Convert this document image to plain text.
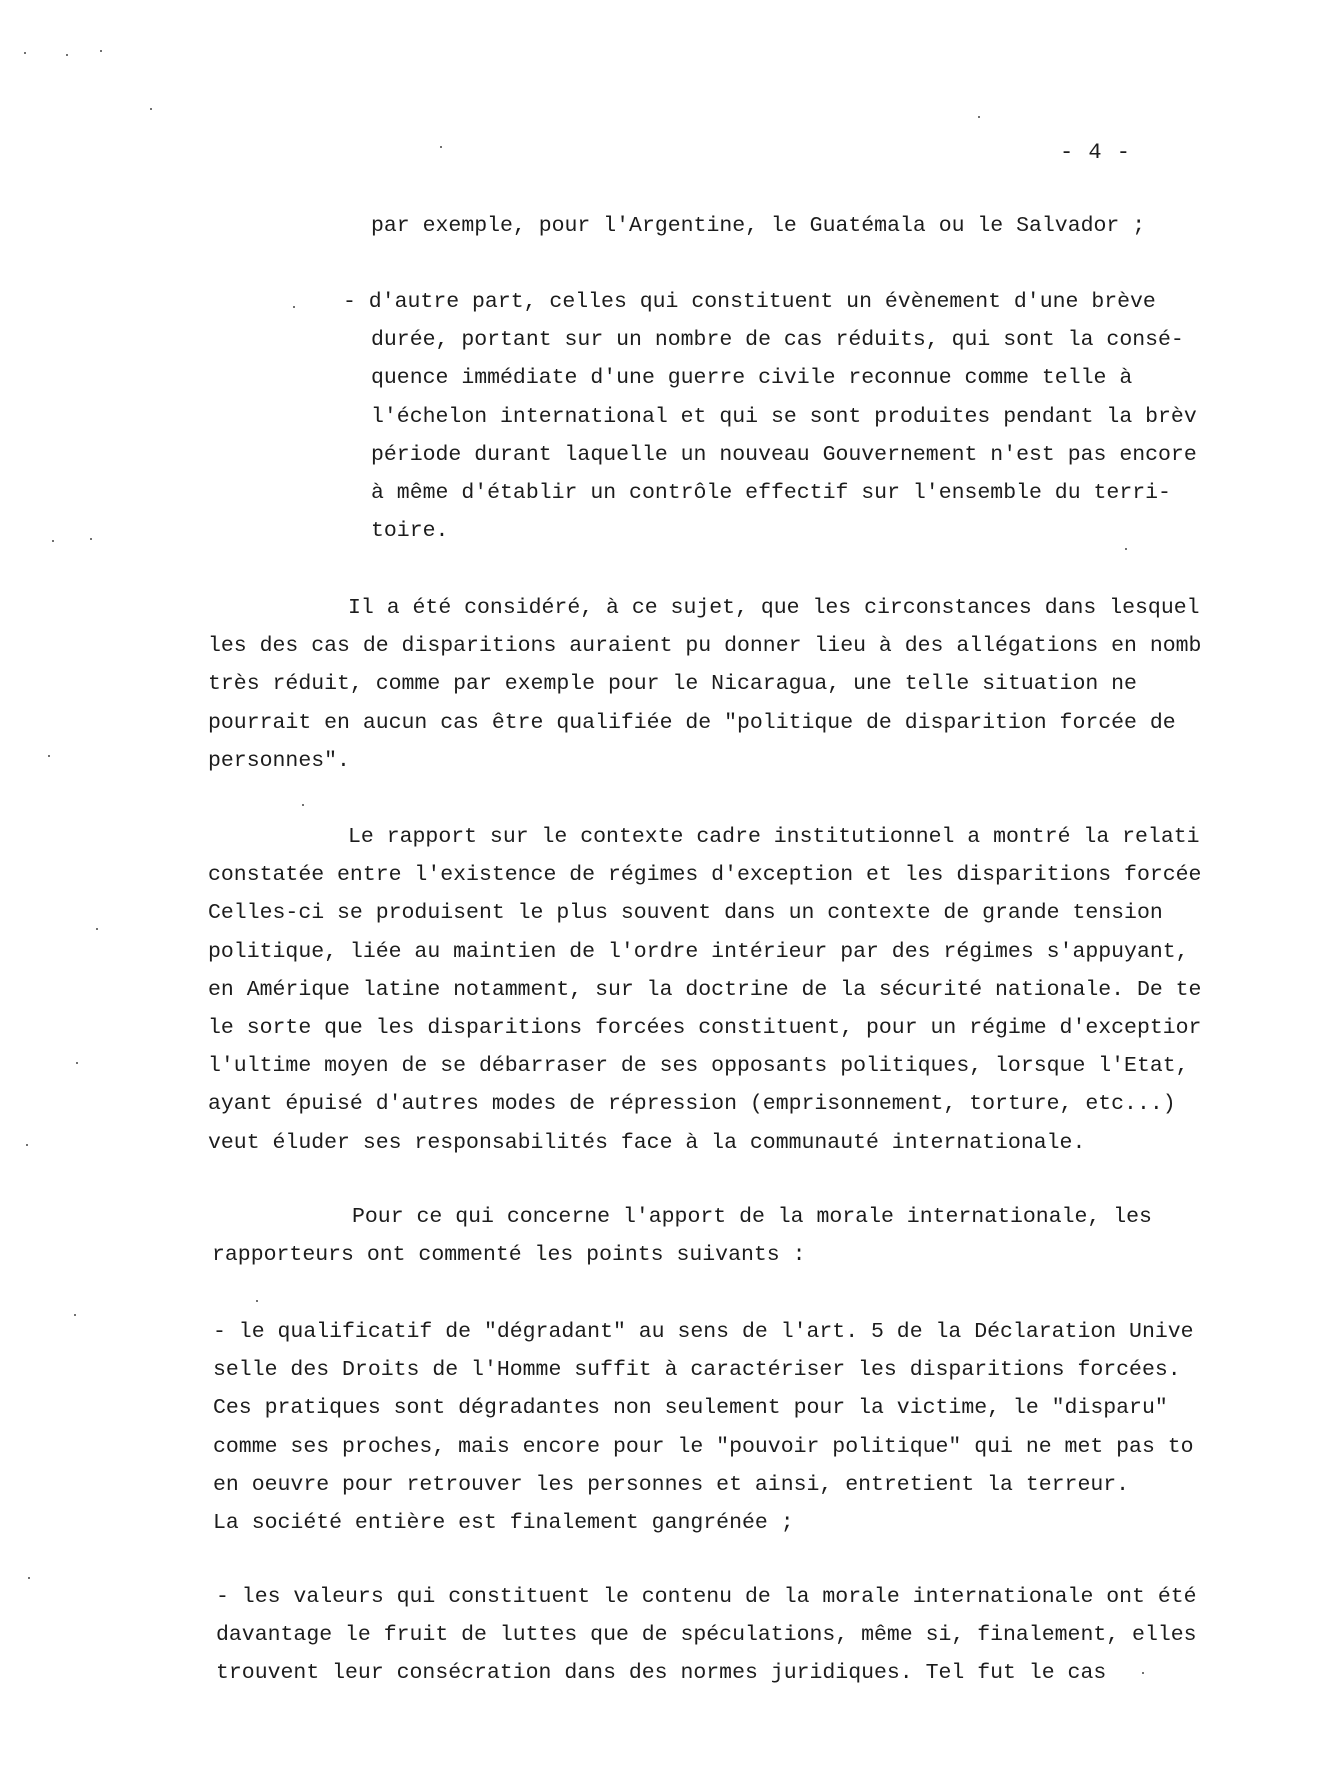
- 4 -
par exemple, pour l'Argentine, le Guatémala ou le Salvador ;
- d'autre part, celles qui constituent un évènement d'une brève
durée, portant sur un nombre de cas réduits, qui sont la consé-
quence immédiate d'une guerre civile reconnue comme telle à
l'échelon international et qui se sont produites pendant la brèv
période durant laquelle un nouveau Gouvernement n'est pas encore
à même d'établir un contrôle effectif sur l'ensemble du terri-
toire.
Il a été considéré, à ce sujet, que les circonstances dans lesquel
les des cas de disparitions auraient pu donner lieu à des allégations en nomb
très réduit, comme par exemple pour le Nicaragua, une telle situation ne
pourrait en aucun cas être qualifiée de "politique de disparition forcée de
personnes".
Le rapport sur le contexte cadre institutionnel a montré la relati
constatée entre l'existence de régimes d'exception et les disparitions forcée
Celles-ci se produisent le plus souvent dans un contexte de grande tension
politique, liée au maintien de l'ordre intérieur par des régimes s'appuyant,
en Amérique latine notamment, sur la doctrine de la sécurité nationale. De te
le sorte que les disparitions forcées constituent, pour un régime d'exceptior
l'ultime moyen de se débarraser de ses opposants politiques, lorsque l'Etat,
ayant épuisé d'autres modes de répression (emprisonnement, torture, etc...)
veut éluder ses responsabilités face à la communauté internationale.
Pour ce qui concerne l'apport de la morale internationale, les
rapporteurs ont commenté les points suivants :
- le qualificatif de "dégradant" au sens de l'art. 5 de la Déclaration Unive
selle des Droits de l'Homme suffit à caractériser les disparitions forcées.
Ces pratiques sont dégradantes non seulement pour la victime, le "disparu"
comme ses proches, mais encore pour le "pouvoir politique" qui ne met pas to
en oeuvre pour retrouver les personnes et ainsi, entretient la terreur.
La société entière est finalement gangrénée ;
- les valeurs qui constituent le contenu de la morale internationale ont été
davantage le fruit de luttes que de spéculations, même si, finalement, elles
trouvent leur consécration dans des normes juridiques. Tel fut le cas
